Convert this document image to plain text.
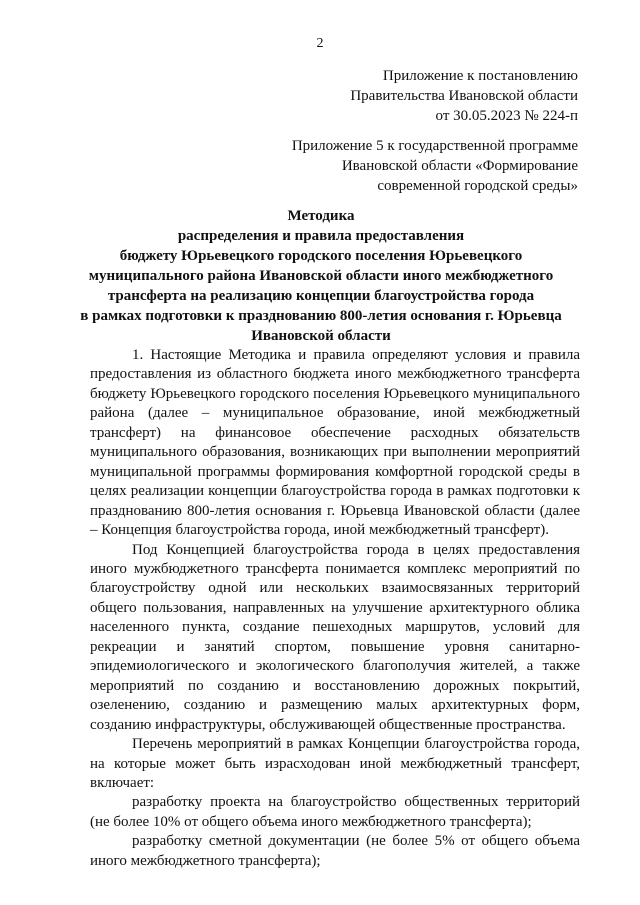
2
Приложение к постановлению
Правительства Ивановской области
от 30.05.2023 № 224-п
Приложение 5 к государственной программе
Ивановской области «Формирование
современной городской среды»
Методика
распределения и правила предоставления
бюджету Юрьевецкого городского поселения Юрьевецкого
муниципального района Ивановской области иного межбюджетного
трансферта на реализацию концепции благоустройства города
в рамках подготовки к празднованию 800-летия основания г. Юрьевца
Ивановской области

1. Настоящие Методика и правила определяют условия и правила предоставления из областного бюджета иного межбюджетного трансферта бюджету Юрьевецкого городского поселения Юрьевецкого муниципального района (далее – муниципальное образование, иной межбюджетный трансферт) на финансовое обеспечение расходных обязательств муниципального образования, возникающих при выполнении мероприятий муниципальной программы формирования комфортной городской среды в целях реализации концепции благоустройства города в рамках подготовки к празднованию 800-летия основания г. Юрьевца Ивановской области (далее – Концепция благоустройства города, иной межбюджетный трансферт).

Под Концепцией благоустройства города в целях предоставления иного мужбюджетного трансферта понимается комплекс мероприятий по благоустройству одной или нескольких взаимосвязанных территорий общего пользования, направленных на улучшение архитектурного облика населенного пункта, создание пешеходных маршрутов, условий для рекреации и занятий спортом, повышение уровня санитарно-эпидемиологического и экологического благополучия жителей, а также мероприятий по созданию и восстановлению дорожных покрытий, озеленению, созданию и размещению малых архитектурных форм, созданию инфраструктуры, обслуживающей общественные пространства.

Перечень мероприятий в рамках Концепции благоустройства города, на которые может быть израсходован иной межбюджетный трансферт, включает:

разработку проекта на благоустройство общественных территорий (не более 10% от общего объема иного межбюджетного трансферта);

разработку сметной документации (не более 5% от общего объема иного межбюджетного трансферта);
